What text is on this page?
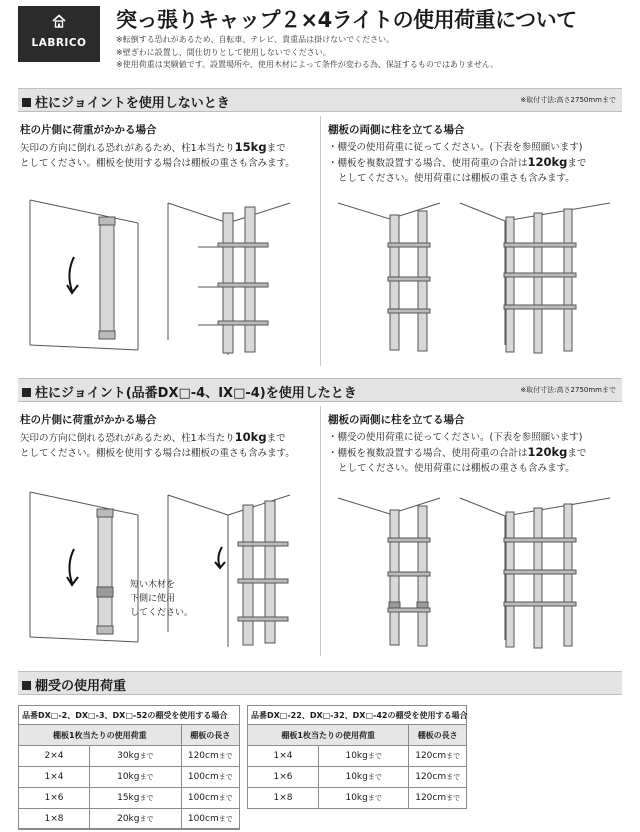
LABRICO
突っ張りキャップ２×4ライトの使用荷重について
※転倒する恐れがあるため、自転車、テレビ、貴重品は掛けないでください。
※壁ぎわに設置し、間仕切りとして使用しないでください。
※使用荷重は実験値です。設置場所や、使用木材によって条件が変わる為、保証するものではありません。
柱にジョイントを使用しないとき	※取付寸法:高さ2750mmまで
柱の片側に荷重がかかる場合
矢印の方向に倒れる恐れがあるため、柱1本当たり15kgまで
としてください。棚板を使用する場合は棚板の重さも含みます。
棚板の両側に柱を立てる場合
・棚受の使用荷重に従ってください。(下表を参照願います)
・棚板を複数設置する場合、使用荷重の合計は120kgまで
としてください。使用荷重には棚板の重さも含みます。
柱にジョイント(品番DX□-4、IX□-4)を使用したとき	※取付寸法:高さ2750mmまで
柱の片側に荷重がかかる場合
矢印の方向に倒れる恐れがあるため、柱1本当たり10kgまで
としてください。棚板を使用する場合は棚板の重さも含みます。
棚板の両側に柱を立てる場合
・棚受の使用荷重に従ってください。(下表を参照願います)
・棚板を複数設置する場合、使用荷重の合計は120kgまで
としてください。使用荷重には棚板の重さも含みます。
短い木材を
下側に使用
してください。
棚受の使用荷重
品番DX□-2、DX□-3、DX□-52の棚受を使用する場合
棚板1枚当たりの使用荷重		棚板の長さ
2×4	30kgまで	120cmまで
1×4	10kgまで	100cmまで
1×6	15kgまで	100cmまで
1×8	20kgまで	100cmまで
品番DX□-22、DX□-32、DX□-42の棚受を使用する場合
棚板1枚当たりの使用荷重		棚板の長さ
1×4	10kgまで	120cmまで
1×6	10kgまで	120cmまで
1×8	10kgまで	120cmまで
